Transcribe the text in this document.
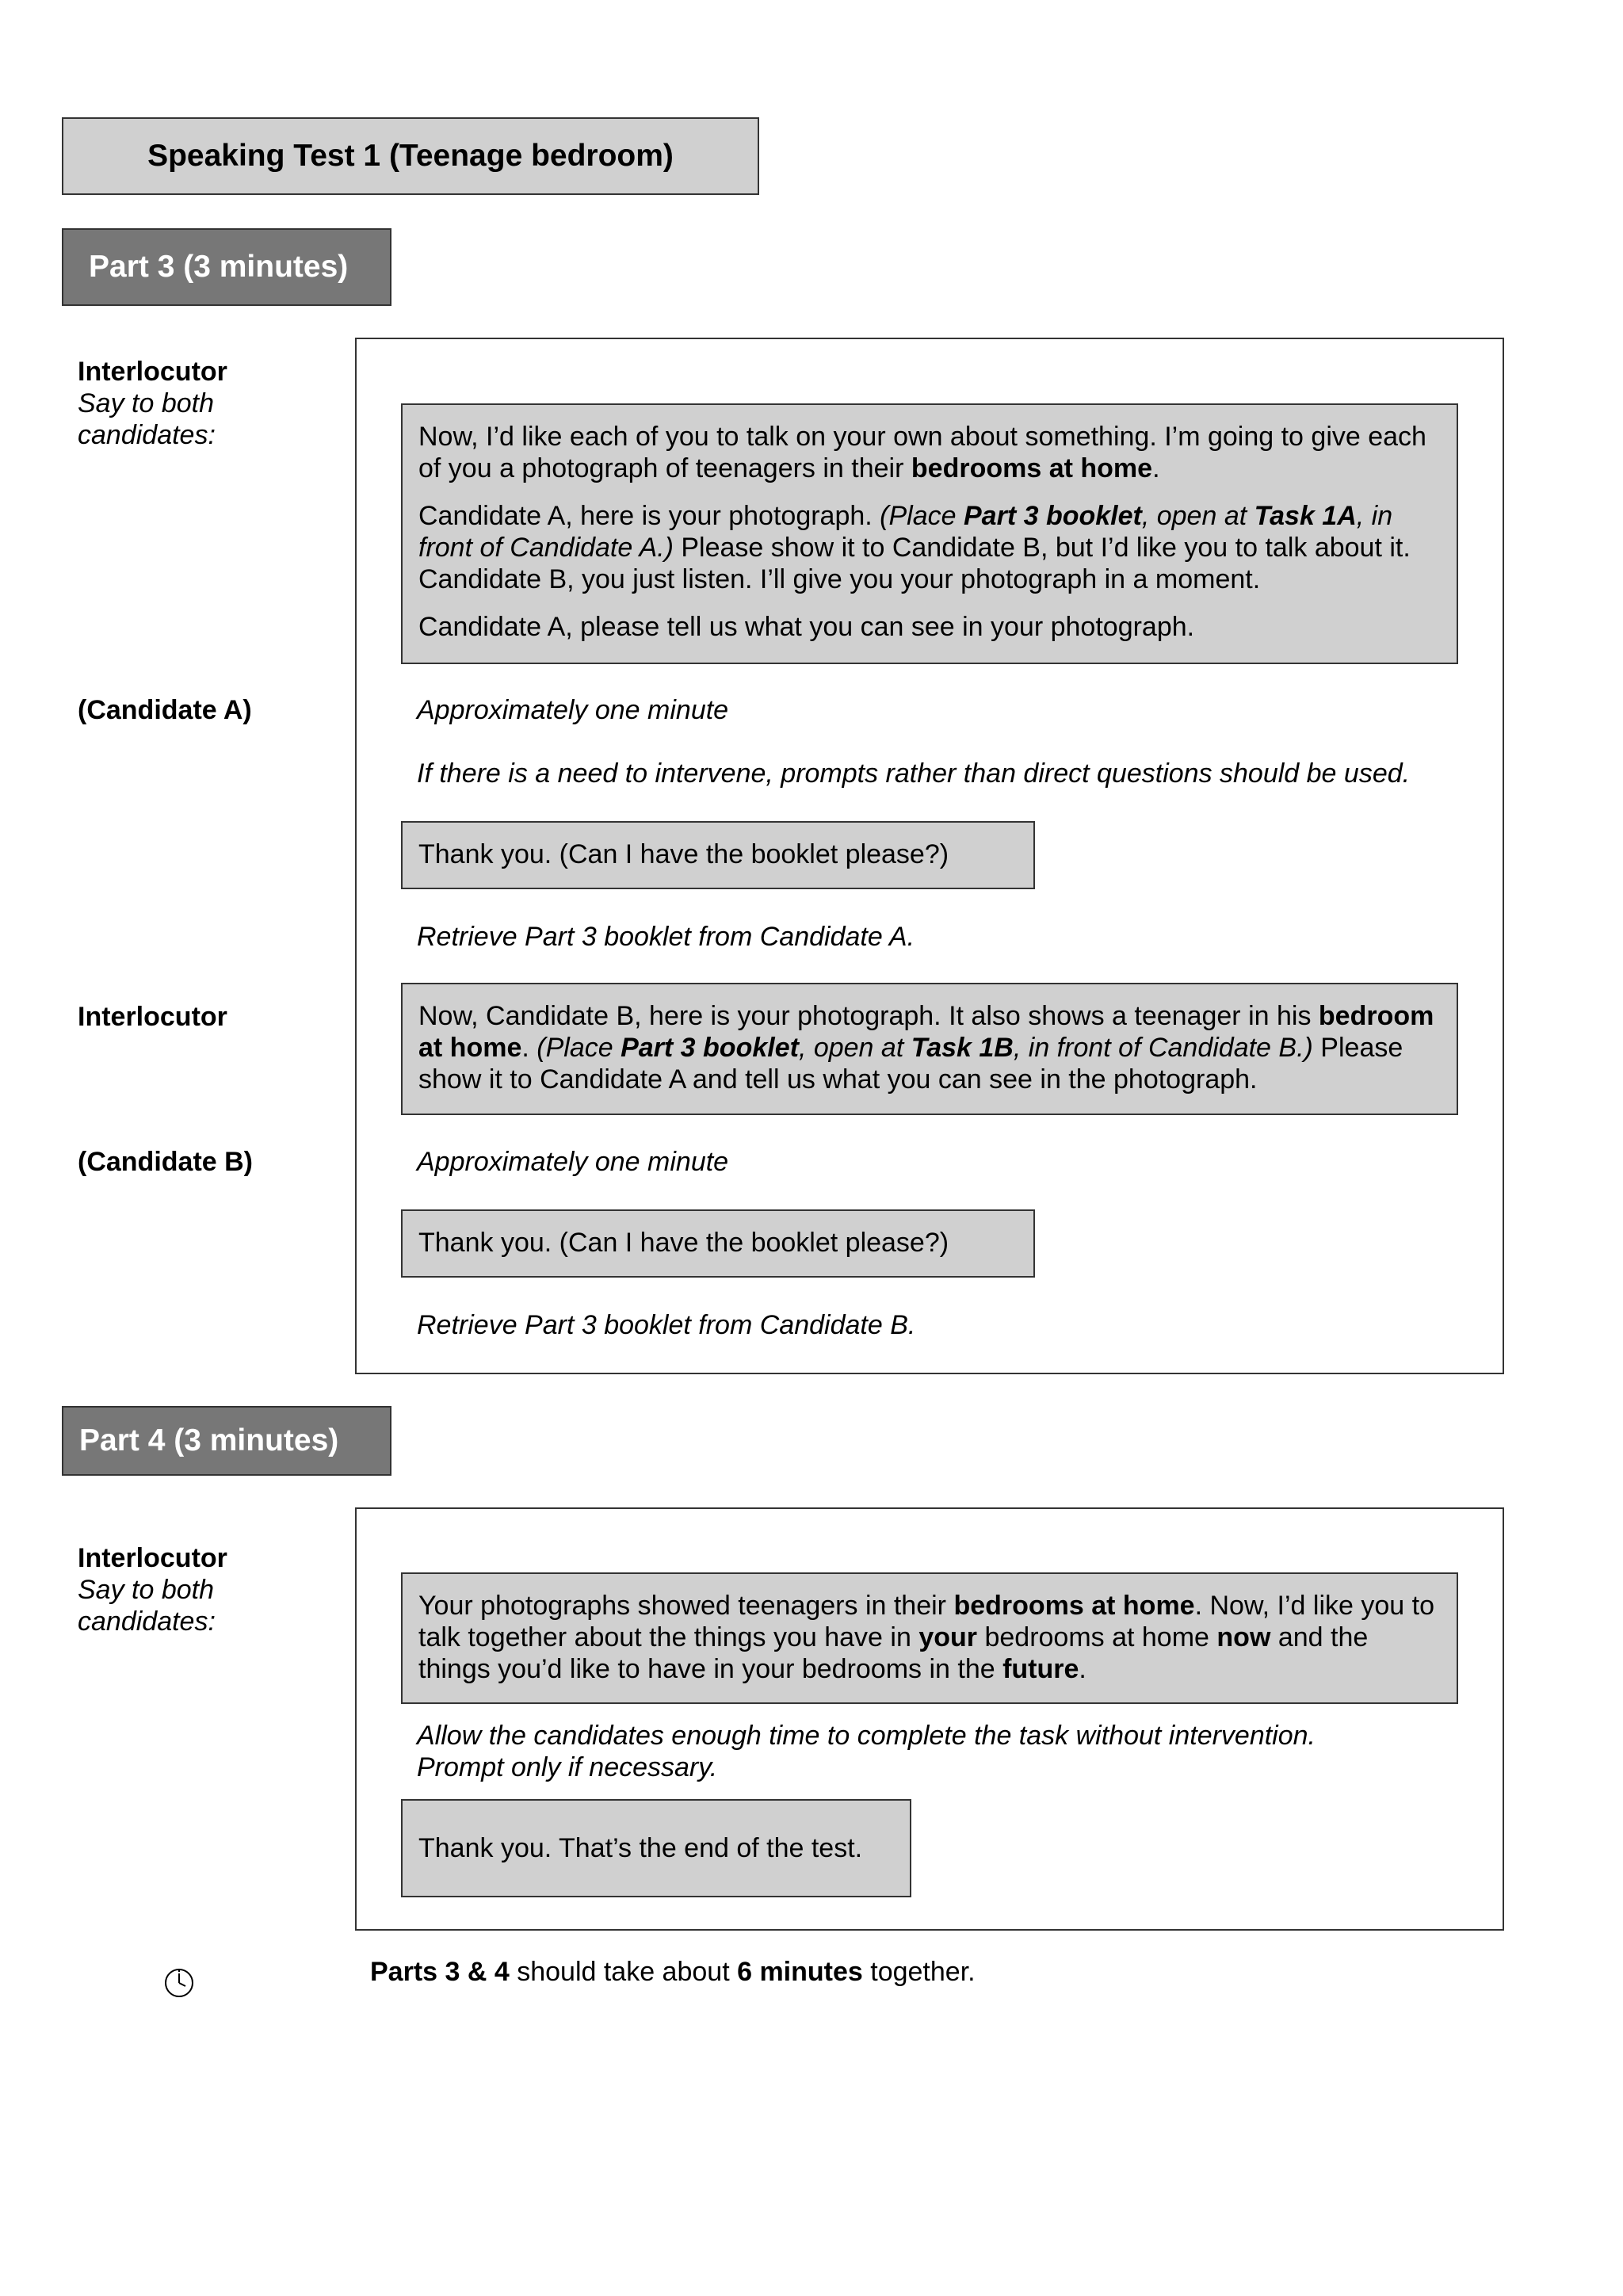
Speaking Test 1 (Teenage bedroom)
Part 3 (3 minutes)
Interlocutor
Say to both
candidates:
(Candidate A)
Interlocutor
(Candidate B)

Now, I’d like each of you to talk on your own about something. I’m going to give each of you a photograph of teenagers in their bedrooms at home.

Candidate A, here is your photograph. (Place Part 3 booklet, open at Task 1A, in front of Candidate A.) Please show it to Candidate B, but I’d like you to talk about it. Candidate B, you just listen. I’ll give you your photograph in a moment.

Candidate A, please tell us what you can see in your photograph.

Approximately one minute
If there is a need to intervene, prompts rather than direct questions should be used.
Thank you. (Can I have the booklet please?)
Retrieve Part 3 booklet from Candidate A.

Now, Candidate B, here is your photograph. It also shows a teenager in his bedroom at home. (Place Part 3 booklet, open at Task 1B, in front of Candidate B.) Please show it to Candidate A and tell us what you can see in the photograph.

Approximately one minute
Thank you. (Can I have the booklet please?)
Retrieve Part 3 booklet from Candidate B.
Part 4 (3 minutes)
Interlocutor
Say to both
candidates:

Your photographs showed teenagers in their bedrooms at home. Now, I’d like you to talk together about the things you have in your bedrooms at home now and the things you’d like to have in your bedrooms in the future.

Allow the candidates enough time to complete the task without intervention.
Prompt only if necessary.
Thank you. That’s the end of the test.
Parts 3 & 4 should take about 6 minutes together.
